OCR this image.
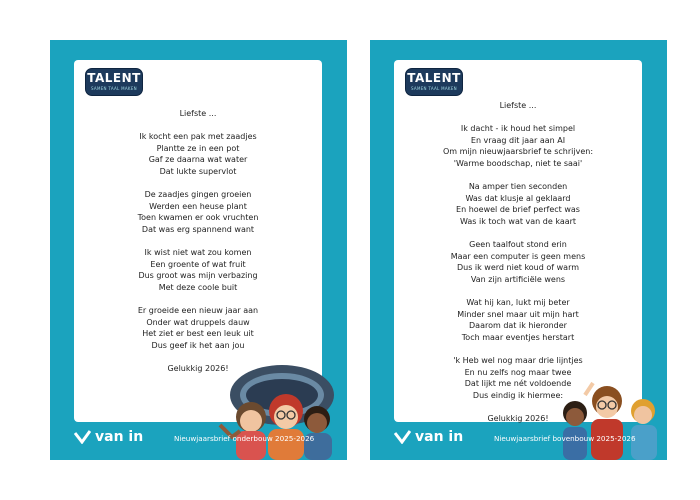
TALENT
SAMEN TAAL MAKEN
Liefste ...
Ik kocht een pak met zaadjes
Plantte ze in een pot
Gaf ze daarna wat water
Dat lukte supervlot
De zaadjes gingen groeien
Werden een heuse plant
Toen kwamen er ook vruchten
Dat was erg spannend want
Ik wist niet wat zou komen
Een groente of wat fruit
Dus groot was mijn verbazing
Met deze coole buit
Er groeide een nieuw jaar aan
Onder wat druppels dauw
Het ziet er best een leuk uit
Dus geef ik het aan jou
Gelukkig 2026!
van in	Nieuwjaarsbrief onderbouw 2025-2026
TALENT
SAMEN TAAL MAKEN
Liefste ...
Ik dacht - ik houd het simpel
En vraag dit jaar aan AI
Om mijn nieuwjaarsbrief te schrijven:
'Warme boodschap, niet te saai'
Na amper tien seconden
Was dat klusje al geklaard
En hoewel de brief perfect was
Was ik toch wat van de kaart
Geen taalfout stond erin
Maar een computer is geen mens
Dus ik werd niet koud of warm
Van zijn artificiële wens
Wat hij kan, lukt mij beter
Minder snel maar uit mijn hart
Daarom dat ik hieronder
Toch maar eventjes herstart
'k Heb wel nog maar drie lijntjes
En nu zelfs nog maar twee
Dat lijkt me nét voldoende
Dus eindig ik hiermee:
Gelukkig 2026!
van in	Nieuwjaarsbrief bovenbouw 2025-2026
